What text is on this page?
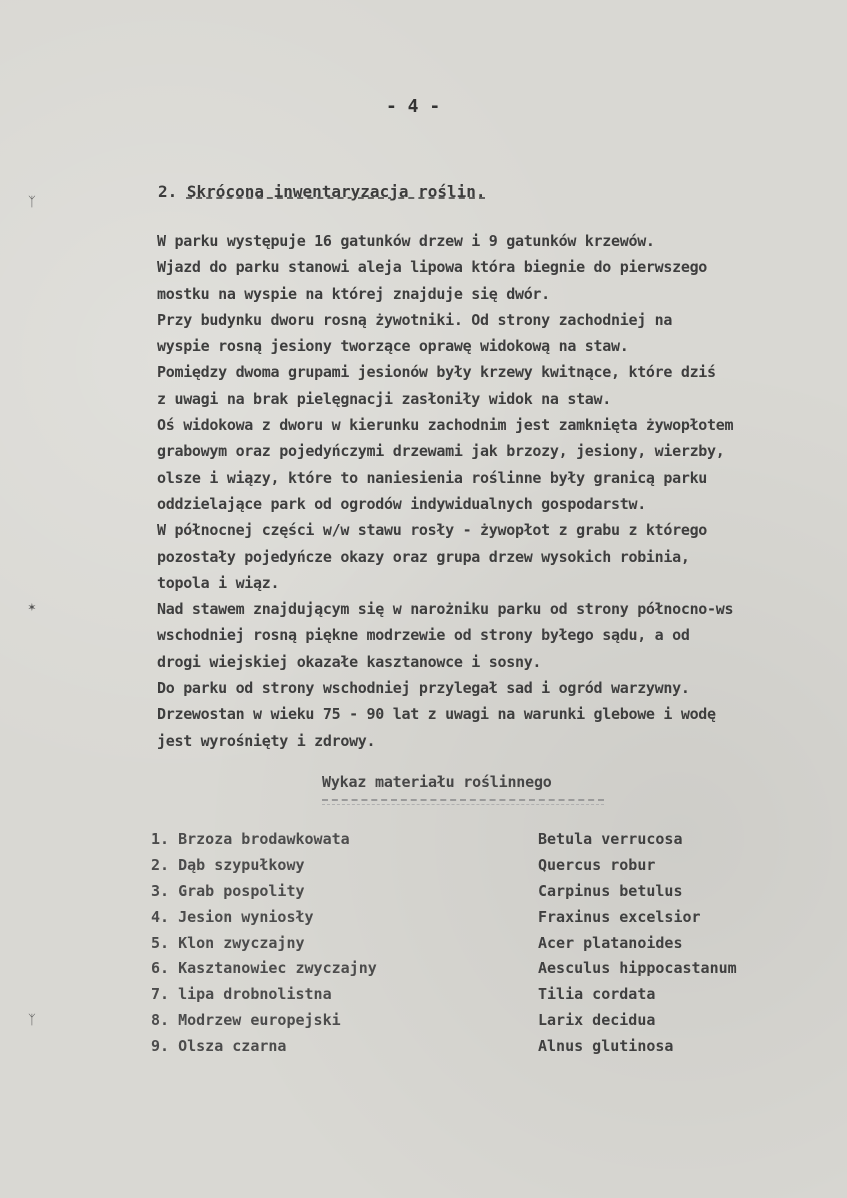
ᛉ
✶
ᛉ
- 4 -
2. Skrócona inwentaryzacja roślin.
W parku występuje 16 gatunków drzew i 9 gatunków krzewów.
Wjazd do parku stanowi aleja lipowa która biegnie do pierwszego
mostku na wyspie na której znajduje się dwór.
Przy budynku dworu rosną żywotniki. Od strony zachodniej na
wyspie rosną jesiony tworzące oprawę widokową na staw.
Pomiędzy dwoma grupami jesionów były krzewy kwitnące, które dziś
z uwagi na brak pielęgnacji zasłoniły widok na staw.
Oś widokowa z dworu w kierunku zachodnim jest zamknięta żywopłotem
grabowym oraz pojedyńczymi drzewami jak brzozy, jesiony, wierzby,
olsze i wiązy, które to naniesienia roślinne były granicą parku
oddzielające park od ogrodów indywidualnych gospodarstw.
W północnej części w/w stawu rosły - żywopłot z grabu z którego
pozostały pojedyńcze okazy oraz grupa drzew wysokich robinia,
topola i wiąz.
Nad stawem znajdującym się w narożniku parku od strony północno-ws
wschodniej rosną piękne modrzewie od strony byłego sądu, a od
drogi wiejskiej okazałe kasztanowce i sosny.
Do parku od strony wschodniej przylegał sad i ogród warzywny.
Drzewostan w wieku 75 - 90 lat z uwagi na warunki glebowe i wodę
jest wyrośnięty i zdrowy.
Wykaz materiału roślinnego
1. Brzoza brodawkowata	Betula verrucosa
2. Dąb szypułkowy	Quercus robur
3. Grab pospolity	Carpinus betulus
4. Jesion wyniosły	Fraxinus excelsior
5. Klon zwyczajny	Acer platanoides
6. Kasztanowiec zwyczajny	Aesculus hippocastanum
7. lipa drobnolistna	Tilia cordata
8. Modrzew europejski	Larix decidua
9. Olsza czarna	Alnus glutinosa
